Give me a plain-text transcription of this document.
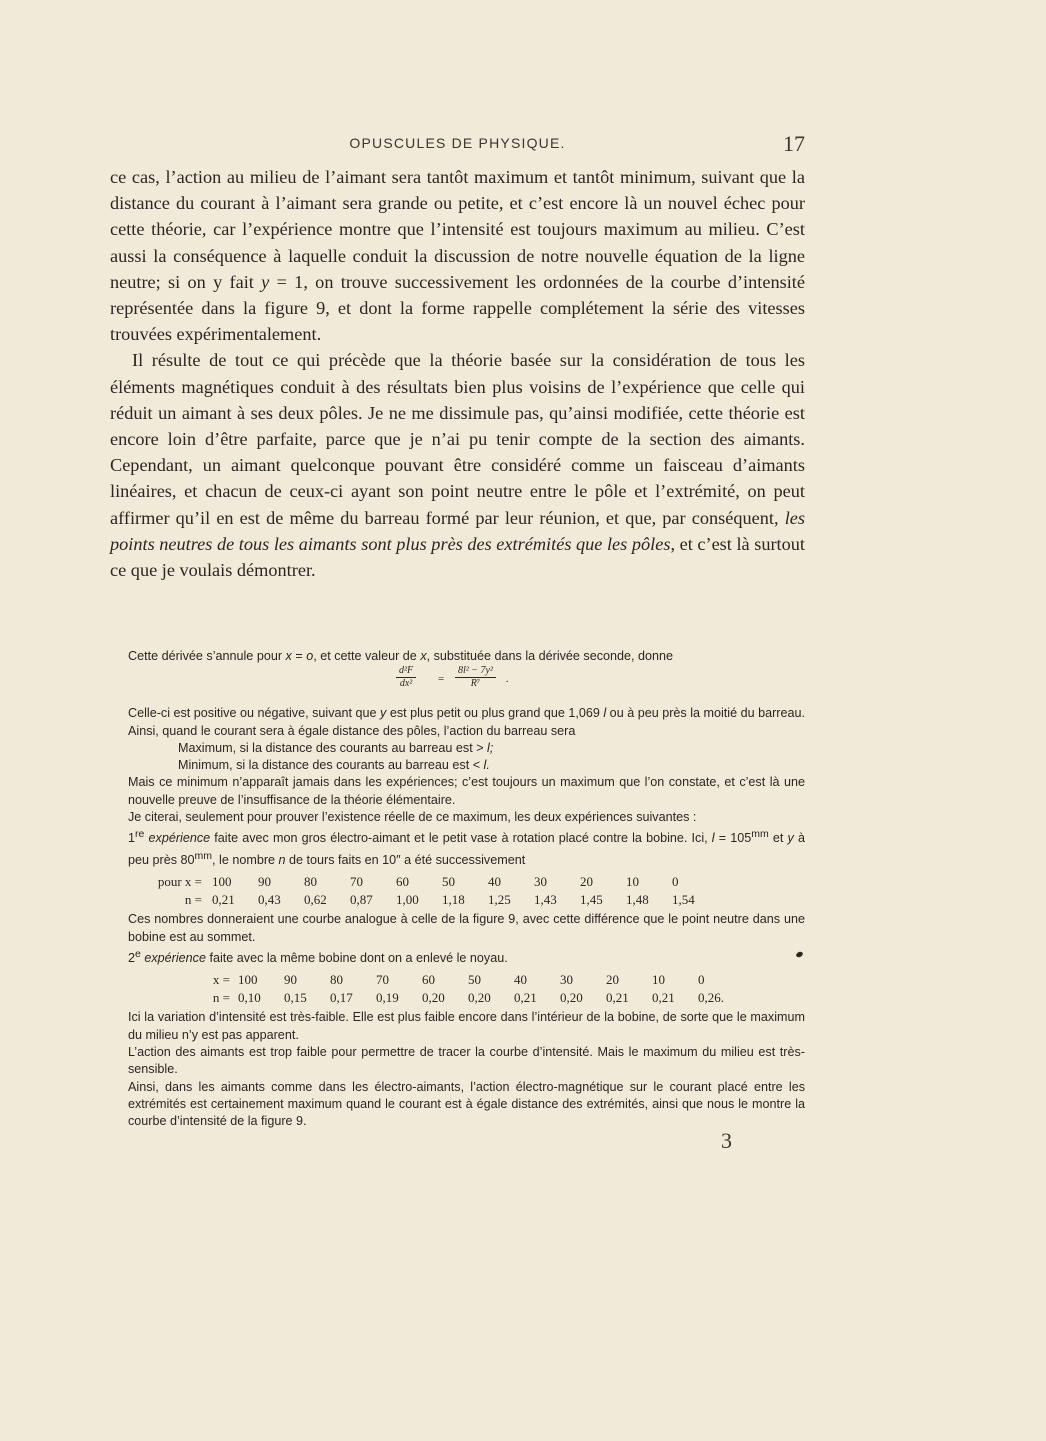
OPUSCULES DE PHYSIQUE.	17

ce cas, l’action au milieu de l’aimant sera tantôt maximum et tantôt minimum, suivant que la distance du courant à l’aimant sera grande ou petite, et c’est encore là un nouvel échec pour cette théorie, car l’expérience montre que l’intensité est toujours maximum au milieu. C’est aussi la conséquence à laquelle conduit la discussion de notre nouvelle équation de la ligne neutre; si on y fait y = 1, on trouve successivement les ordonnées de la courbe d’intensité représentée dans la figure 9, et dont la forme rappelle complétement la série des vitesses trouvées expérimentalement.

Il résulte de tout ce qui précède que la théorie basée sur la considération de tous les éléments magnétiques conduit à des résultats bien plus voisins de l’expérience que celle qui réduit un aimant à ses deux pôles. Je ne me dissimule pas, qu’ainsi modifiée, cette théorie est encore loin d’être parfaite, parce que je n’ai pu tenir compte de la section des aimants. Cependant, un aimant quelconque pouvant être considéré comme un faisceau d’aimants linéaires, et chacun de ceux-ci ayant son point neutre entre le pôle et l’extrémité, on peut affirmer qu’il en est de même du barreau formé par leur réunion, et que, par conséquent, les points neutres de tous les aimants sont plus près des extrémités que les pôles, et c’est là surtout ce que je voulais démontrer.

Cette dérivée s’annule pour x = o, et cette valeur de x, substituée dans la dérivée seconde, donne

$\frac{\text{d²F}}{\text{dx²}} = \frac{\text{8l² − 7y²}}{\text{R⁷}}$ .

Celle-ci est positive ou négative, suivant que y est plus petit ou plus grand que 1,069 l ou à peu près la moitié du barreau. Ainsi, quand le courant sera à égale distance des pôles, l’action du barreau sera

Maximum, si la distance des courants au barreau est > l;

Minimum, si la distance des courants au barreau est < l.

Mais ce minimum n’apparaît jamais dans les expériences; c’est toujours un maximum que l’on constate, et c’est là une nouvelle preuve de l’insuffisance de la théorie élémentaire.

Je citerai, seulement pour prouver l’existence réelle de ce maximum, les deux expériences suivantes :

1re expérience faite avec mon gros électro-aimant et le petit vase à rotation placé contre la bobine. Ici, $l = 105^{mm}$ et y à peu près $80^{mm}$, le nombre n de tours faits en 10″ a été successivement

pour x =	100	90	80	70	60	50	40	30	20	10	0
n =	0,21	0,43	0,62	0,87	1,00	1,18	1,25	1,43	1,45	1,48	1,54

Ces nombres donneraient une courbe analogue à celle de la figure 9, avec cette différence que le point neutre dans une bobine est au sommet.

2e expérience faite avec la même bobine dont on a enlevé le noyau.

x =	100	90	80	70	60	50	40	30	20	10	0
n =	0,10	0,15	0,17	0,19	0,20	0,20	0,21	0,20	0,21	0,21	0,26.

Ici la variation d’intensité est très-faible. Elle est plus faible encore dans l’intérieur de la bobine, de sorte que le maximum du milieu n’y est pas apparent.

L’action des aimants est trop faible pour permettre de tracer la courbe d’intensité. Mais le maximum du milieu est très-sensible.

Ainsi, dans les aimants comme dans les électro-aimants, l’action électro-magnétique sur le courant placé entre les extrémités est certainement maximum quand le courant est à égale distance des extrémités, ainsi que nous le montre la courbe d’intensité de la figure 9.

3
